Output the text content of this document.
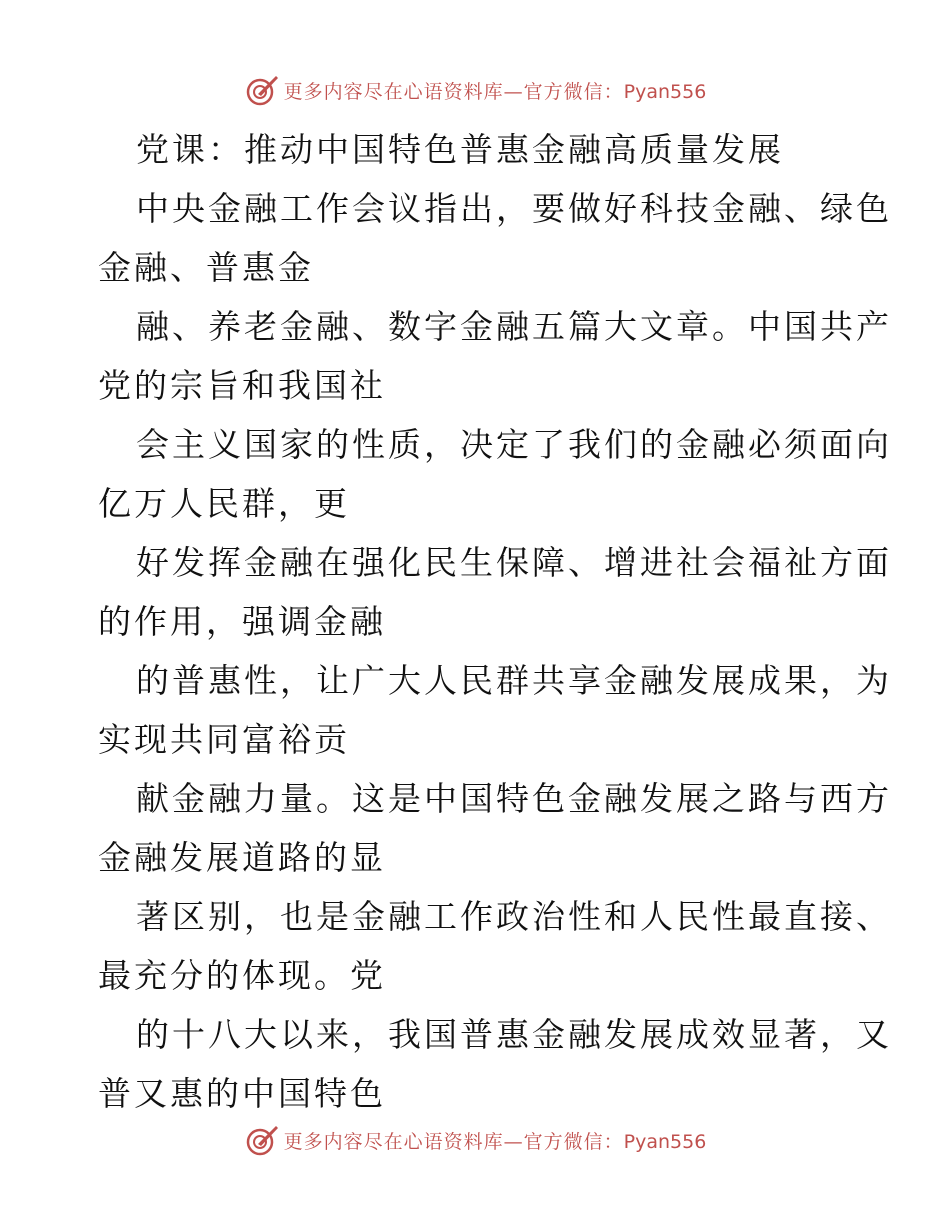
更多内容尽在心语资料库—官方微信：Pyan556
党课：推动中国特色普惠金融高质量发展
中央金融工作会议指出，要做好科技金融、绿色
金融、普惠金
融、养老金融、数字金融五篇大文章。中国共产
党的宗旨和我国社
会主义国家的性质，决定了我们的金融必须面向
亿万人民群，更
好发挥金融在强化民生保障、增进社会福祉方面
的作用，强调金融
的普惠性，让广大人民群共享金融发展成果，为
实现共同富裕贡
献金融力量。这是中国特色金融发展之路与西方
金融发展道路的显
著区别，也是金融工作政治性和人民性最直接、
最充分的体现。党
的十八大以来，我国普惠金融发展成效显著，又
普又惠的中国特色
更多内容尽在心语资料库—官方微信：Pyan556
